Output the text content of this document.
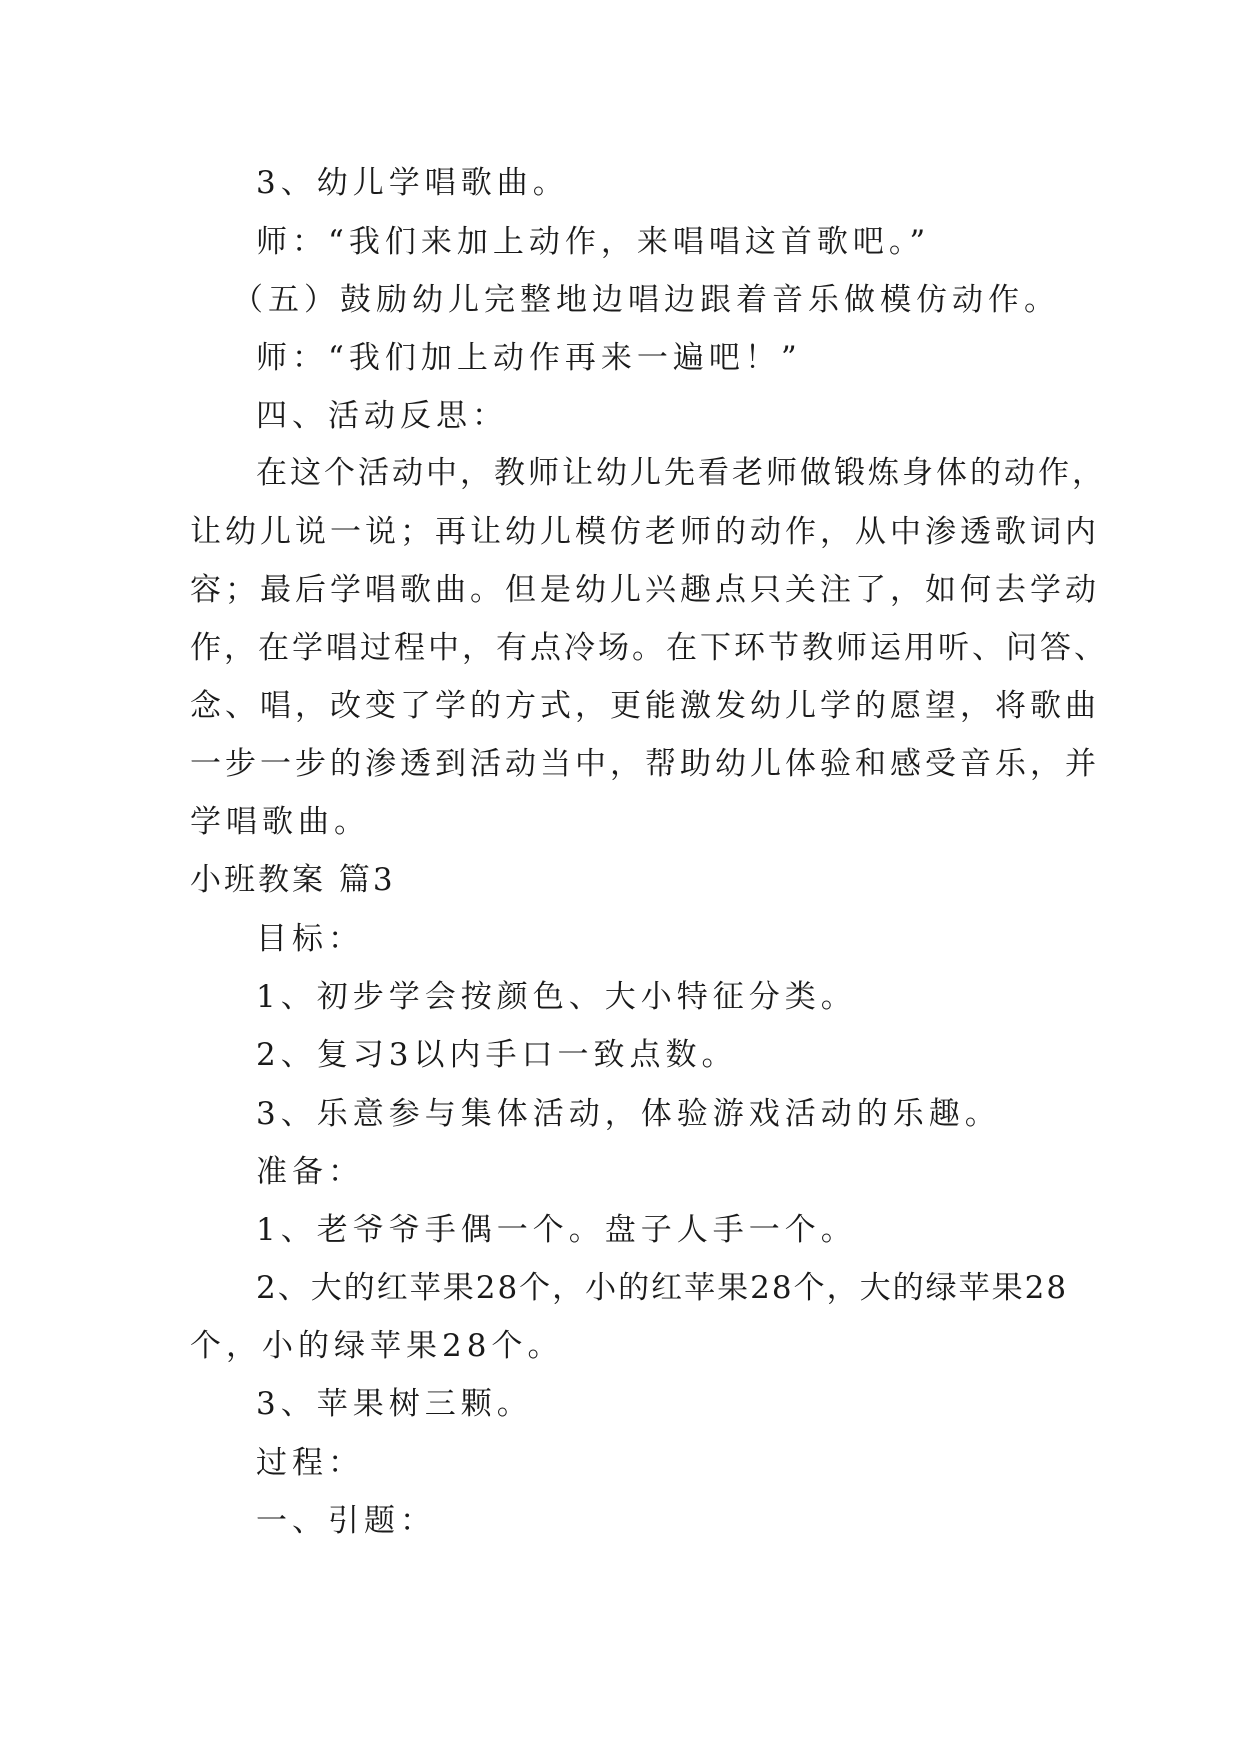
3、幼儿学唱歌曲。
师：“我们来加上动作，来唱唱这首歌吧。”
（五）鼓励幼儿完整地边唱边跟着音乐做模仿动作。
师：“我们加上动作再来一遍吧！”
四、活动反思：
在这个活动中，教师让幼儿先看老师做锻炼身体的动作，
让幼儿说一说；再让幼儿模仿老师的动作，从中渗透歌词内
容；最后学唱歌曲。但是幼儿兴趣点只关注了，如何去学动
作，在学唱过程中，有点冷场。在下环节教师运用听、问答、
念、唱，改变了学的方式，更能激发幼儿学的愿望，将歌曲
一步一步的渗透到活动当中，帮助幼儿体验和感受音乐，并
学唱歌曲。
小班教案 篇3
目标：
1、初步学会按颜色、大小特征分类。
2、复习3以内手口一致点数。
3、乐意参与集体活动，体验游戏活动的乐趣。
准备：
1、老爷爷手偶一个。盘子人手一个。
2、大的红苹果28个，小的红苹果28个，大的绿苹果28
个，小的绿苹果28个。
3、苹果树三颗。
过程：
一、引题：
